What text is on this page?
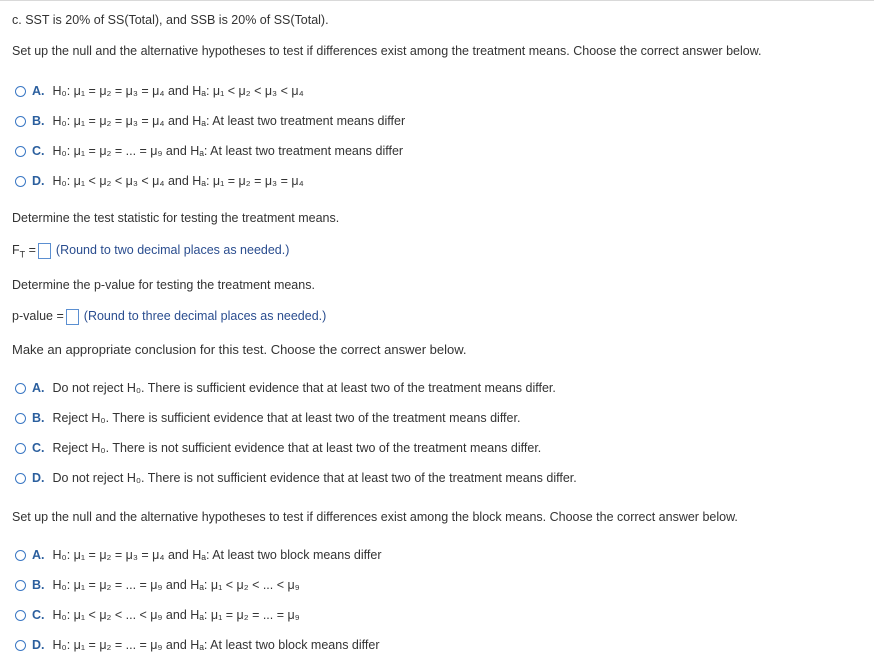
c. SST is 20% of SS(Total), and SSB is 20% of SS(Total).
Set up the null and the alternative hypotheses to test if differences exist among the treatment means. Choose the correct answer below.
A. H₀: μ₁ = μ₂ = μ₃ = μ₄ and Hₐ: μ₁ < μ₂ < μ₃ < μ₄
B. H₀: μ₁ = μ₂ = μ₃ = μ₄ and Hₐ: At least two treatment means differ
C. H₀: μ₁ = μ₂ = ... = μ₉ and Hₐ: At least two treatment means differ
D. H₀: μ₁ < μ₂ < μ₃ < μ₄ and Hₐ: μ₁ = μ₂ = μ₃ = μ₄
Determine the test statistic for testing the treatment means.
$F_T$ = (Round to two decimal places as needed.)
Determine the p-value for testing the treatment means.
p-value = (Round to three decimal places as needed.)
Make an appropriate conclusion for this test. Choose the correct answer below.
A. Do not reject H₀. There is sufficient evidence that at least two of the treatment means differ.
B. Reject H₀. There is sufficient evidence that at least two of the treatment means differ.
C. Reject H₀. There is not sufficient evidence that at least two of the treatment means differ.
D. Do not reject H₀. There is not sufficient evidence that at least two of the treatment means differ.
Set up the null and the alternative hypotheses to test if differences exist among the block means. Choose the correct answer below.
A. H₀: μ₁ = μ₂ = μ₃ = μ₄ and Hₐ: At least two block means differ
B. H₀: μ₁ = μ₂ = ... = μ₉ and Hₐ: μ₁ < μ₂ < ... < μ₉
C. H₀: μ₁ < μ₂ < ... < μ₉ and Hₐ: μ₁ = μ₂ = ... = μ₉
D. H₀: μ₁ = μ₂ = ... = μ₉ and Hₐ: At least two block means differ
